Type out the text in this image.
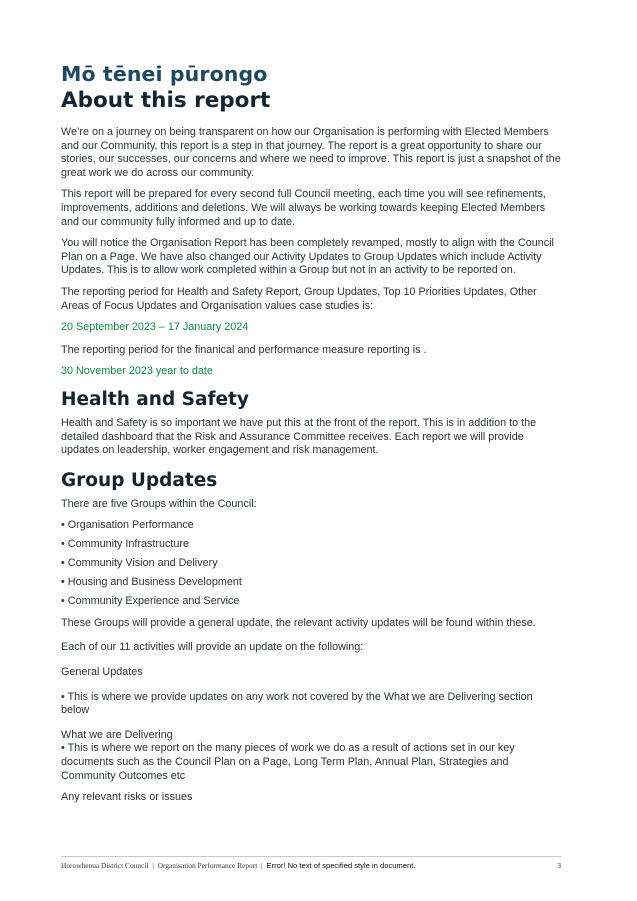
Mō tēnei pūrongo
About this report

We’re on a journey on being transparent on how our Organisation is performing with Elected Members and our Community, this report is a step in that journey. The report is a great opportunity to share our stories, our successes, our concerns and where we need to improve. This report is just a snapshot of the great work we do across our community.

This report will be prepared for every second full Council meeting, each time you will see refinements, improvements, additions and deletions. We will always be working towards keeping Elected Members and our community fully informed and up to date.

You will notice the Organisation Report has been completely revamped, mostly to align with the Council Plan on a Page. We have also changed our Activity Updates to Group Updates which include Activity Updates. This is to allow work completed within a Group but not in an activity to be reported on.

The reporting period for Health and Safety Report, Group Updates, Top 10 Priorities Updates, Other Areas of Focus Updates and Organisation values case studies is:

20 September 2023 – 17 January 2024

The reporting period for the finanical and performance measure reporting is .

30 November 2023 year to date

Health and Safety

Health and Safety is so important we have put this at the front of the report. This is in addition to the detailed dashboard that the Risk and Assurance Committee receives. Each report we will provide updates on leadership, worker engagement and risk management.

Group Updates

There are five Groups within the Council:

• Organisation Performance
• Community Infrastructure
• Community Vision and Delivery
• Housing and Business Development
• Community Experience and Service

These Groups will provide a general update, the relevant activity updates will be found within these.

Each of our 11 activities will provide an update on the following:

General Updates

• This is where we provide updates on any work not covered by the What we are Delivering section below

What we are Delivering

• This is where we report on the many pieces of work we do as a result of actions set in our key documents such as the Council Plan on a Page, Long Term Plan, Annual Plan, Strategies and Community Outcomes etc

Any relevant risks or issues

Horowhenua District Council | Organisation Performance Report | Error! No text of specified style in document.	3
